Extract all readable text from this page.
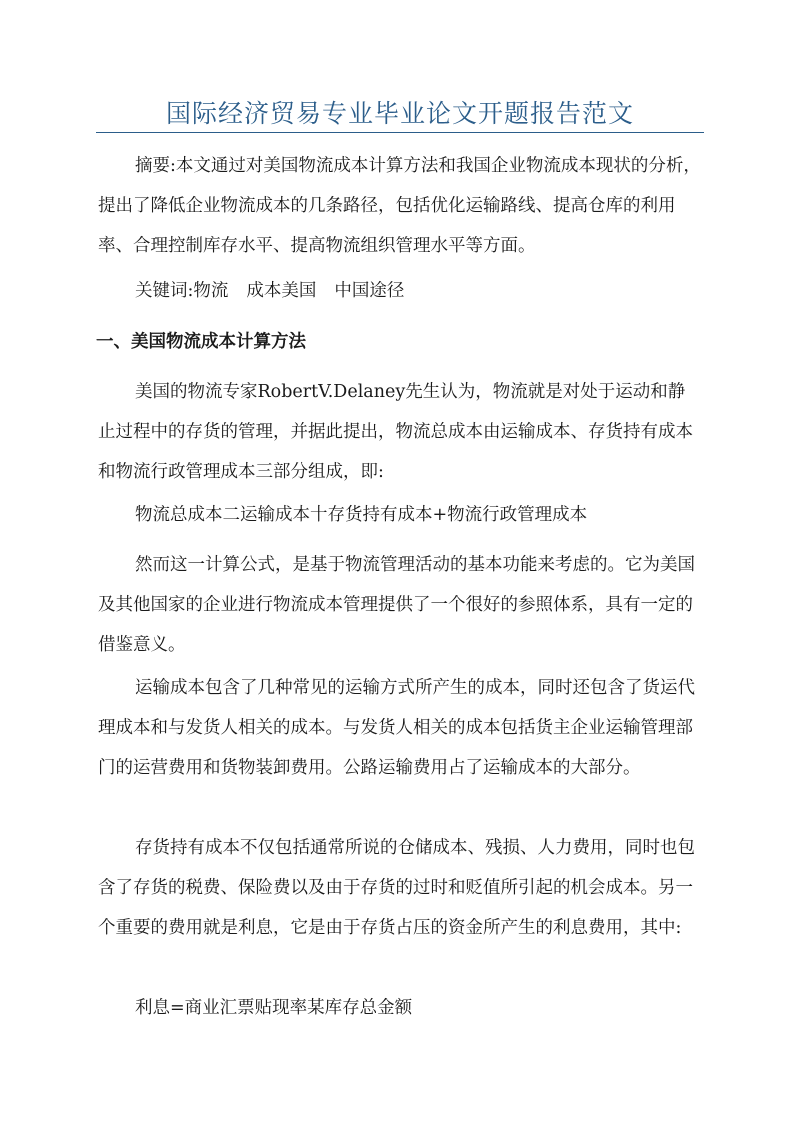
国际经济贸易专业毕业论文开题报告范文

摘要:本文通过对美国物流成本计算方法和我国企业物流成本现状的分析，提出了降低企业物流成本的几条路径，包括优化运输路线、提高仓库的利用率、合理控制库存水平、提高物流组织管理水平等方面。

关键词:物流 成本美国 中国途径

一、美国物流成本计算方法

美国的物流专家RobertV.Delaney先生认为，物流就是对处于运动和静止过程中的存货的管理，并据此提出，物流总成本由运输成本、存货持有成本和物流行政管理成本三部分组成，即:

物流总成本二运输成本十存货持有成本+物流行政管理成本

然而这一计算公式，是基于物流管理活动的基本功能来考虑的。它为美国及其他国家的企业进行物流成本管理提供了一个很好的参照体系，具有一定的借鉴意义。

运输成本包含了几种常见的运输方式所产生的成本，同时还包含了货运代理成本和与发货人相关的成本。与发货人相关的成本包括货主企业运输管理部门的运营费用和货物装卸费用。公路运输费用占了运输成本的大部分。

存货持有成本不仅包括通常所说的仓储成本、残损、人力费用，同时也包含了存货的税费、保险费以及由于存货的过时和贬值所引起的机会成本。另一个重要的费用就是利息，它是由于存货占压的资金所产生的利息费用，其中:

利息=商业汇票贴现率某库存总金额
